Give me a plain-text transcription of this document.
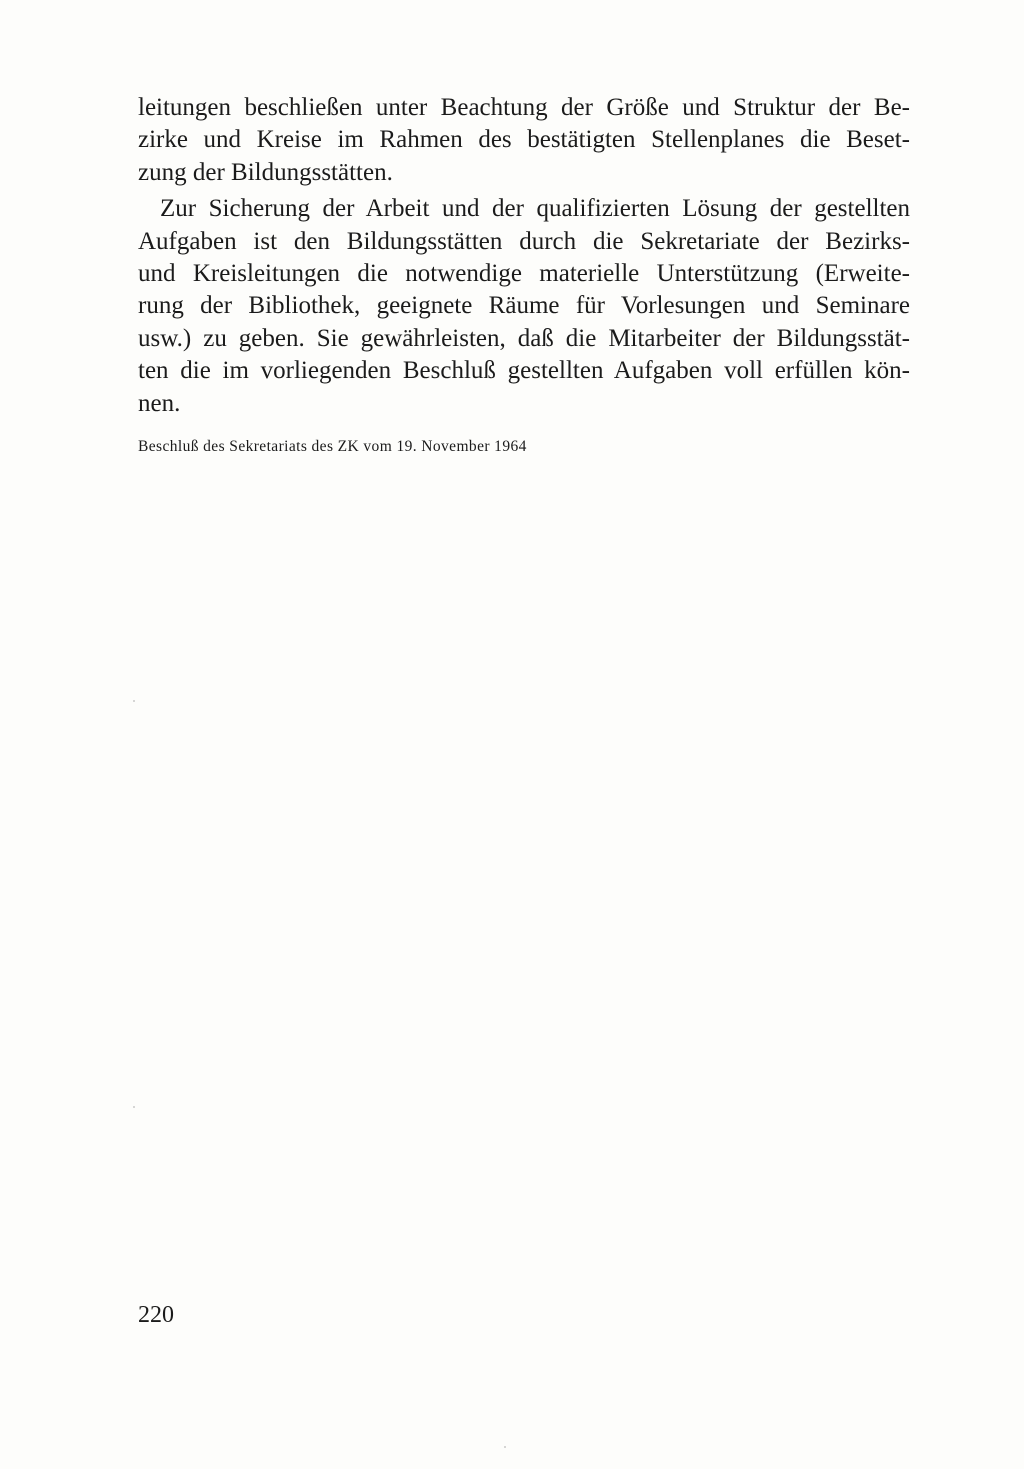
leitungen beschließen unter Beachtung der Größe und Struktur der Be-
zirke und Kreise im Rahmen des bestätigten Stellenplanes die Beset-
zung der Bildungsstätten.
Zur Sicherung der Arbeit und der qualifizierten Lösung der gestellten
Aufgaben ist den Bildungsstätten durch die Sekretariate der Bezirks-
und Kreisleitungen die notwendige materielle Unterstützung (Erweite-
rung der Bibliothek, geeignete Räume für Vorlesungen und Seminare
usw.) zu geben. Sie gewährleisten, daß die Mitarbeiter der Bildungsstät-
ten die im vorliegenden Beschluß gestellten Aufgaben voll erfüllen kön-
nen.
Beschluß des Sekretariats des ZK vom 19. November 1964
220
